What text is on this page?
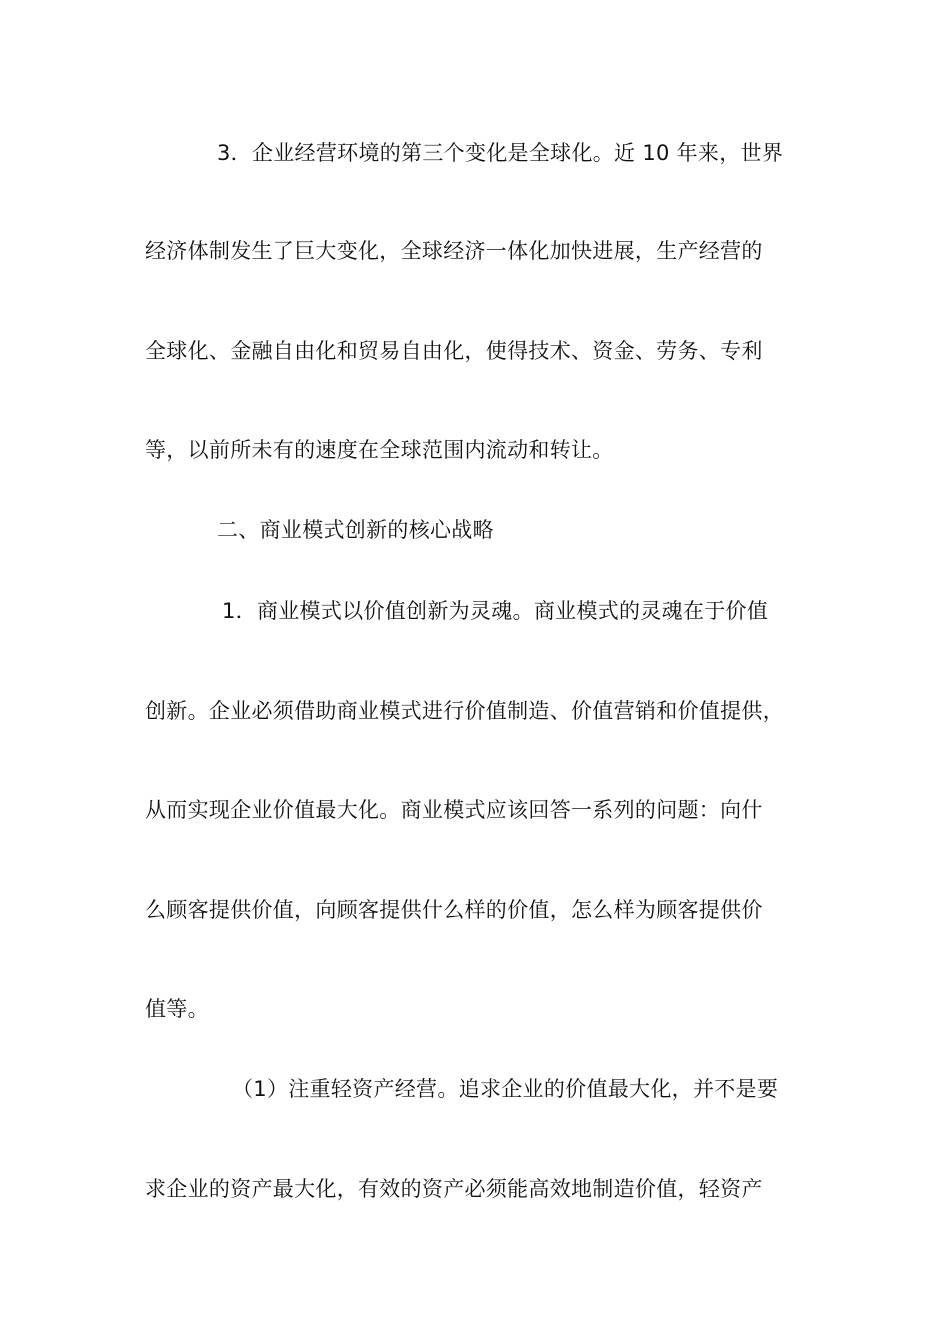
3．企业经营环境的第三个变化是全球化。近 10 年来，世界
经济体制发生了巨大变化，全球经济一体化加快进展，生产经营的
全球化、金融自由化和贸易自由化，使得技术、资金、劳务、专利
等，以前所未有的速度在全球范围内流动和转让。
二、商业模式创新的核心战略
1．商业模式以价值创新为灵魂。商业模式的灵魂在于价值
创新。企业必须借助商业模式进行价值制造、价值营销和价值提供，
从而实现企业价值最大化。商业模式应该回答一系列的问题：向什
么顾客提供价值，向顾客提供什么样的价值，怎么样为顾客提供价
值等。
（1）注重轻资产经营。追求企业的价值最大化，并不是要
求企业的资产最大化，有效的资产必须能高效地制造价值，轻资产
